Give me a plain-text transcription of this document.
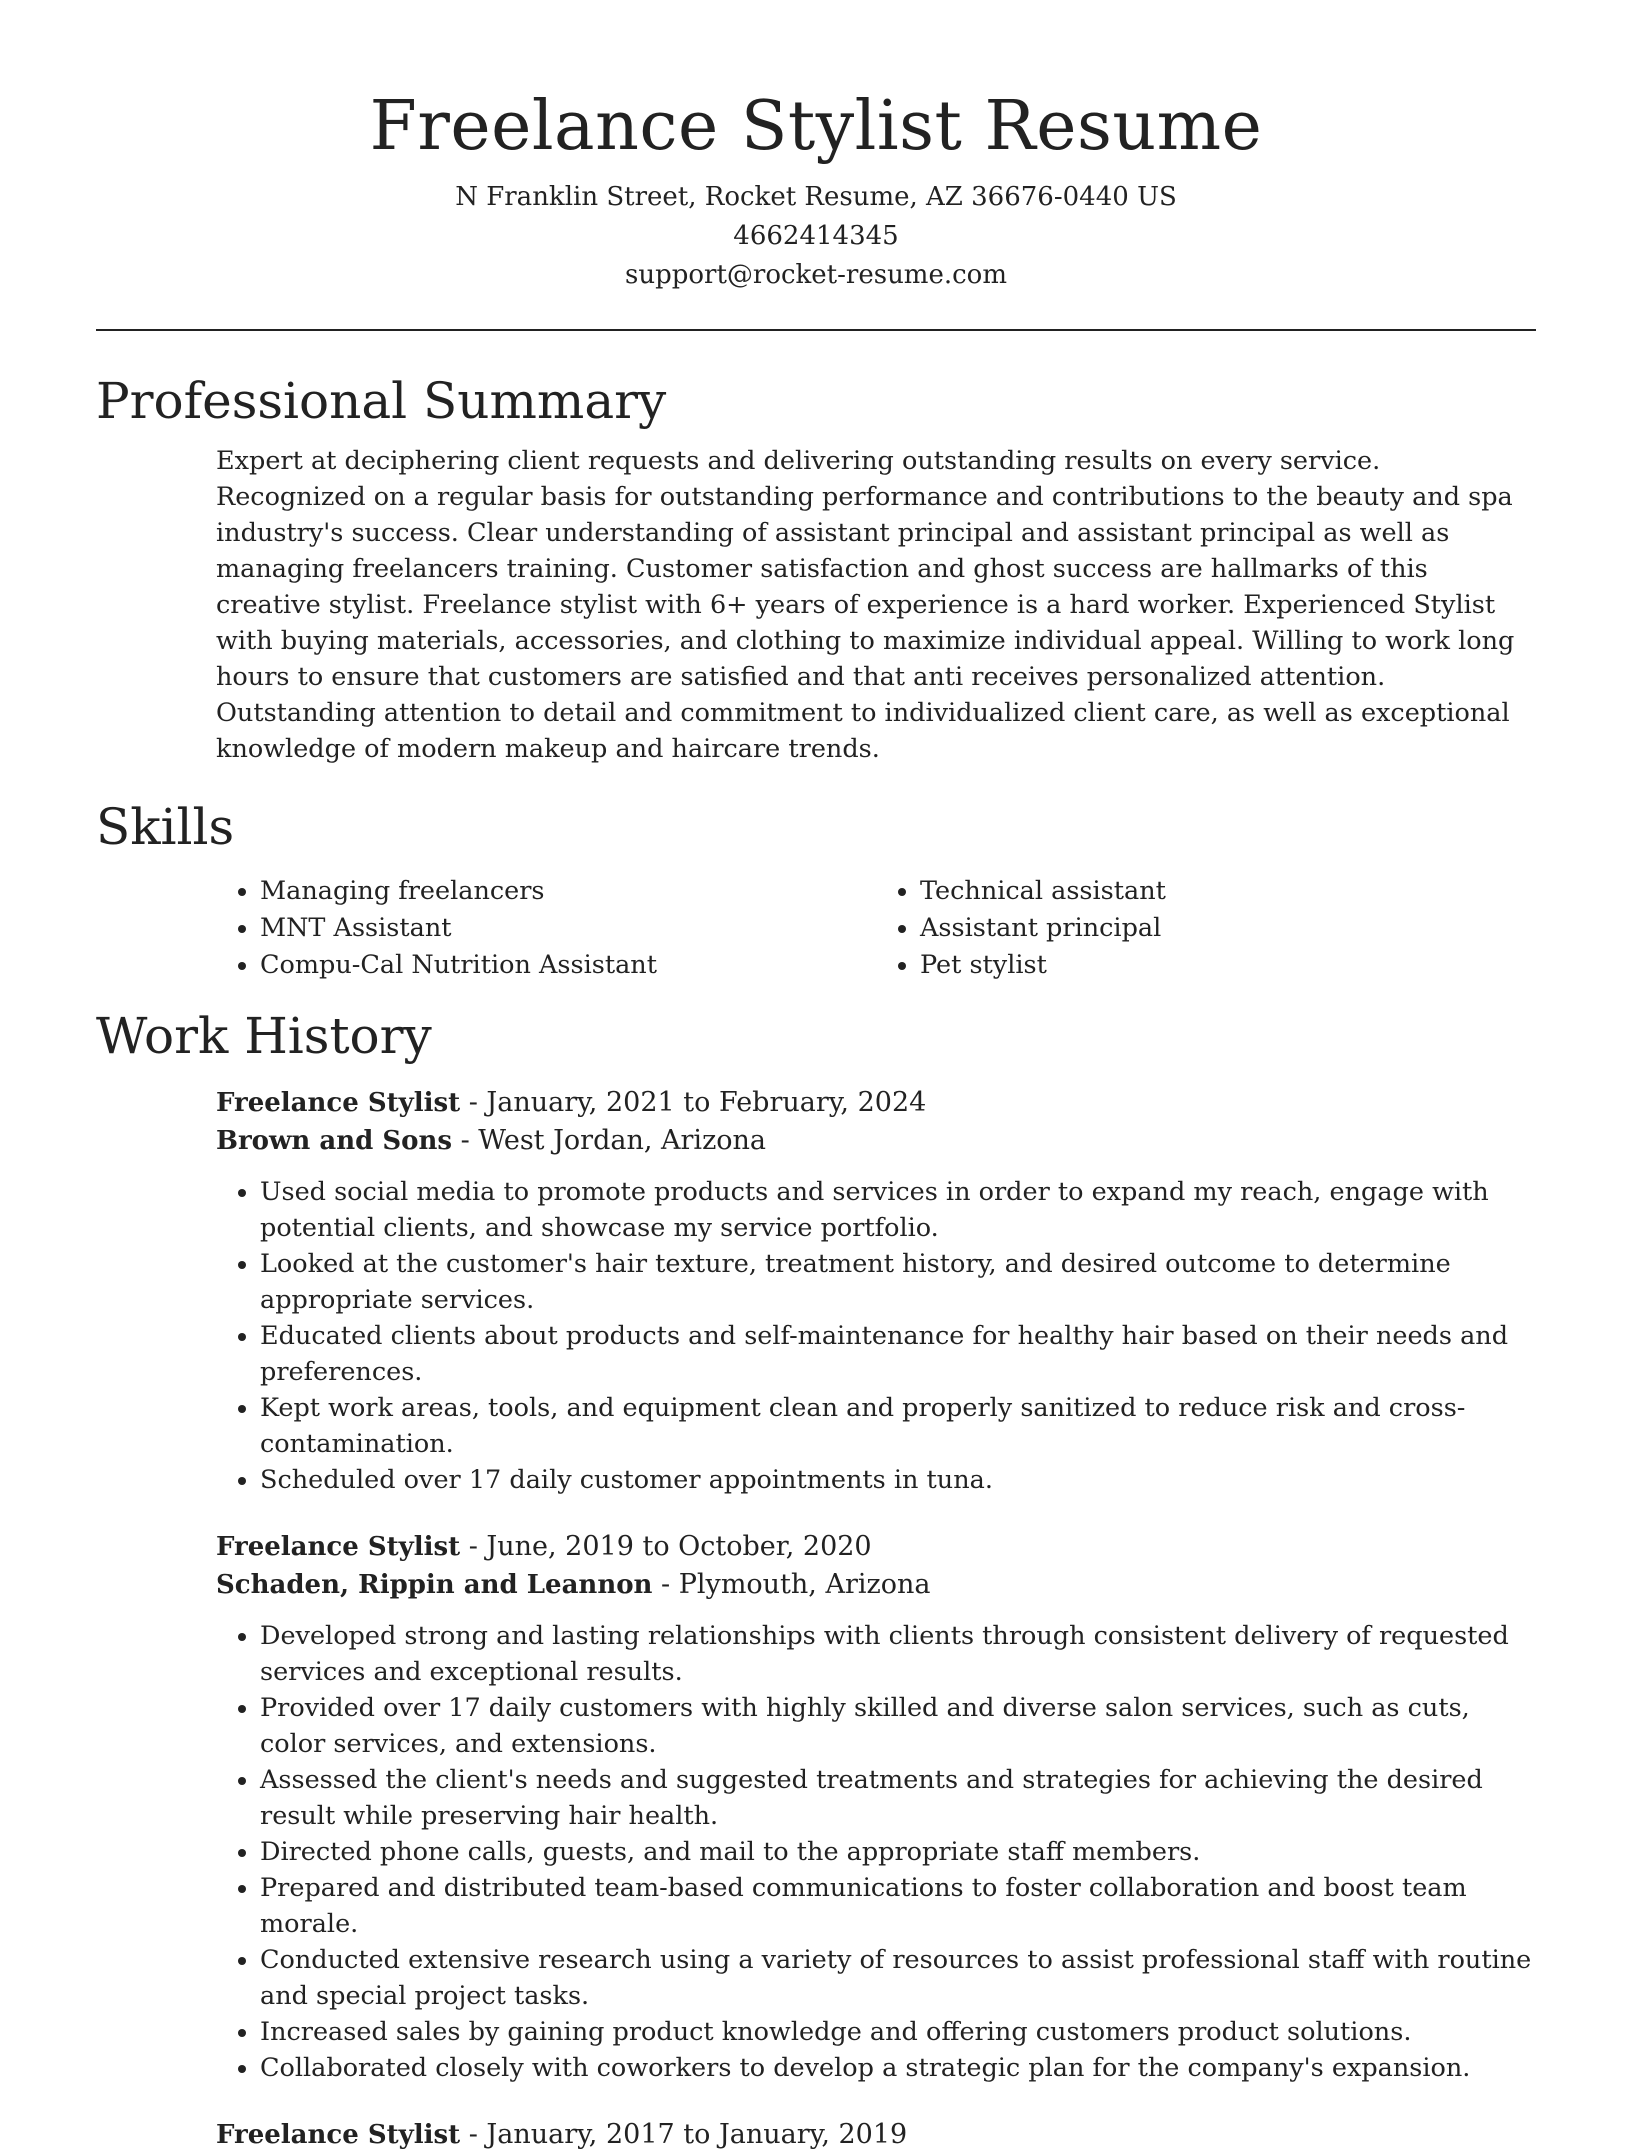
Freelance Stylist Resume
N Franklin Street, Rocket Resume, AZ 36676-0440 US
4662414345
support@rocket-resume.com
Professional Summary

Expert at deciphering client requests and delivering outstanding results on every service. Recognized on a regular basis for outstanding performance and contributions to the beauty and spa industry's success. Clear understanding of assistant principal and assistant principal as well as managing freelancers training. Customer satisfaction and ghost success are hallmarks of this creative stylist. Freelance stylist with 6+ years of experience is a hard worker. Experienced Stylist with buying materials, accessories, and clothing to maximize individual appeal. Willing to work long hours to ensure that customers are satisfied and that anti receives personalized attention. Outstanding attention to detail and commitment to individualized client care, as well as exceptional knowledge of modern makeup and haircare trends.

Skills
• Managing freelancers
• MNT Assistant
• Compu-Cal Nutrition Assistant
• Technical assistant
• Assistant principal
• Pet stylist
Work History
Freelance Stylist - January, 2021 to February, 2024
Brown and Sons - West Jordan, Arizona
• Used social media to promote products and services in order to expand my reach, engage with potential clients, and showcase my service portfolio.
• Looked at the customer's hair texture, treatment history, and desired outcome to determine appropriate services.
• Educated clients about products and self-maintenance for healthy hair based on their needs and preferences.
• Kept work areas, tools, and equipment clean and properly sanitized to reduce risk and cross-contamination.
• Scheduled over 17 daily customer appointments in tuna.
Freelance Stylist - June, 2019 to October, 2020
Schaden, Rippin and Leannon - Plymouth, Arizona
• Developed strong and lasting relationships with clients through consistent delivery of requested services and exceptional results.
• Provided over 17 daily customers with highly skilled and diverse salon services, such as cuts, color services, and extensions.
• Assessed the client's needs and suggested treatments and strategies for achieving the desired result while preserving hair health.
• Directed phone calls, guests, and mail to the appropriate staff members.
• Prepared and distributed team-based communications to foster collaboration and boost team morale.
• Conducted extensive research using a variety of resources to assist professional staff with routine and special project tasks.
• Increased sales by gaining product knowledge and offering customers product solutions.
• Collaborated closely with coworkers to develop a strategic plan for the company's expansion.
Freelance Stylist - January, 2017 to January, 2019
